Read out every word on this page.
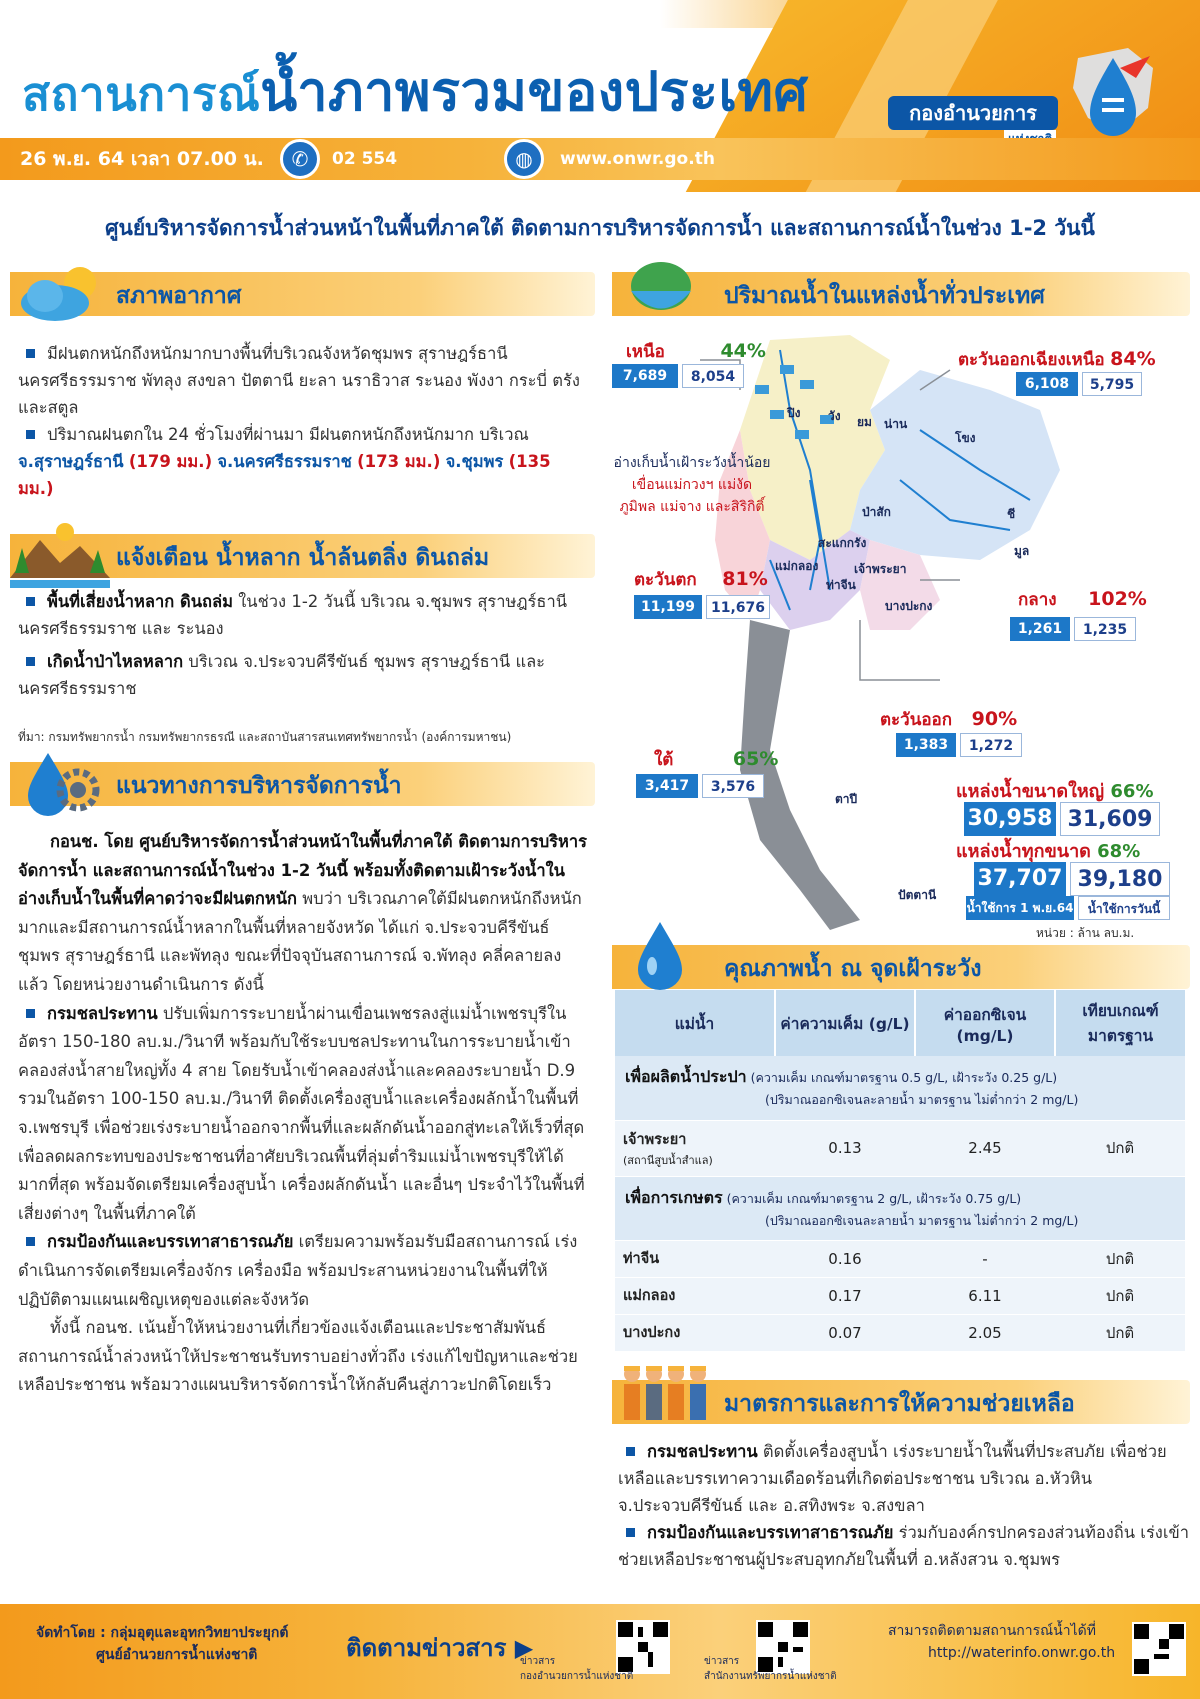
สถานการณ์น้ำภาพรวมของประเทศ	กองอำนวยการ
26 พ.ย. 64 เวลา 07.00 น.	✆	02 554 1800
◍	www.onwr.go.th
ศูนย์บริหารจัดการน้ำส่วนหน้าในพื้นที่ภาคใต้ ติดตามการบริหารจัดการน้ำ และสถานการณ์น้ำในช่วง 1-2 วันนี้
สภาพอากาศ
มีฝนตกหนักถึงหนักมากบางพื้นที่บริเวณจังหวัดชุมพร สุราษฎร์ธานี นครศรีธรรมราช พัทลุง สงขลา ปัตตานี ยะลา นราธิวาส ระนอง พังงา กระบี่ ตรัง และสตูล
ปริมาณฝนตกใน 24 ชั่วโมงที่ผ่านมา มีฝนตกหนักถึงหนักมาก บริเวณ จ.สุราษฎร์ธานี (179 มม.) จ.นครศรีธรรมราช (173 มม.) จ.ชุมพร (135 มม.)
แจ้งเตือน น้ำหลาก น้ำล้นตลิ่ง ดินถล่ม
พื้นที่เสี่ยงน้ำหลาก ดินถล่ม ในช่วง 1-2 วันนี้ บริเวณ จ.ชุมพร สุราษฎร์ธานี นครศรีธรรมราช และ ระนอง
เกิดน้ำป่าไหลหลาก บริเวณ จ.ประจวบคีรีขันธ์ ชุมพร สุราษฎร์ธานี และ นครศรีธรรมราช
ที่มา: กรมทรัพยากรน้ำ กรมทรัพยากรธรณี และสถาบันสารสนเทศทรัพยากรน้ำ (องค์การมหาชน)
แนวทางการบริหารจัดการน้ำ
กอนช. โดย ศูนย์บริหารจัดการน้ำส่วนหน้าในพื้นที่ภาคใต้ ติดตามการบริหารจัดการน้ำ และสถานการณ์น้ำในช่วง 1-2 วันนี้ พร้อมทั้งติดตามเฝ้าระวังน้ำในอ่างเก็บน้ำในพื้นที่คาดว่าจะมีฝนตกหนัก พบว่า บริเวณภาคใต้มีฝนตกหนักถึงหนักมากและมีสถานการณ์น้ำหลากในพื้นที่หลายจังหวัด ได้แก่ จ.ประจวบคีรีขันธ์ ชุมพร สุราษฎร์ธานี และพัทลุง ขณะที่ปัจจุบันสถานการณ์ จ.พัทลุง คลี่คลายลงแล้ว โดยหน่วยงานดำเนินการ ดังนี้
กรมชลประทาน ปรับเพิ่มการระบายน้ำผ่านเขื่อนเพชรลงสู่แม่น้ำเพชรบุรีในอัตรา 150-180 ลบ.ม./วินาที พร้อมกับใช้ระบบชลประทานในการระบายน้ำเข้าคลองส่งน้ำสายใหญ่ทั้ง 4 สาย โดยรับน้ำเข้าคลองส่งน้ำและคลองระบายน้ำ D.9 รวมในอัตรา 100-150 ลบ.ม./วินาที ติดตั้งเครื่องสูบน้ำและเครื่องผลักน้ำในพื้นที่ จ.เพชรบุรี เพื่อช่วยเร่งระบายน้ำออกจากพื้นที่และผลักดันน้ำออกสู่ทะเลให้เร็วที่สุด เพื่อลดผลกระทบของประชาชนที่อาศัยบริเวณพื้นที่ลุ่มต่ำริมแม่น้ำเพชรบุรีให้ได้มากที่สุด พร้อมจัดเตรียมเครื่องสูบน้ำ เครื่องผลักดันน้ำ และอื่นๆ ประจำไว้ในพื้นที่เสี่ยงต่างๆ ในพื้นที่ภาคใต้
กรมป้องกันและบรรเทาสาธารณภัย เตรียมความพร้อมรับมือสถานการณ์ เร่งดำเนินการจัดเตรียมเครื่องจักร เครื่องมือ พร้อมประสานหน่วยงานในพื้นที่ให้ปฏิบัติตามแผนเผชิญเหตุของแต่ละจังหวัด
ทั้งนี้ กอนช. เน้นย้ำให้หน่วยงานที่เกี่ยวข้องแจ้งเตือนและประชาสัมพันธ์สถานการณ์น้ำล่วงหน้าให้ประชาชนรับทราบอย่างทั่วถึง เร่งแก้ไขปัญหาและช่วยเหลือประชาชน พร้อมวางแผนบริหารจัดการน้ำให้กลับคืนสู่ภาวะปกติโดยเร็ว
ปริมาณน้ำในแหล่งน้ำทั่วประเทศ
ปิง วัง ยม น่าน
โขง
ป่าสัก	ชี
มูล
สะแกกรัง
แม่กลอง	เจ้าพระยา
ท่าจีน
บางปะกง
ตาปี
ปัตตานี
อ่างเก็บน้ำเฝ้าระวังน้ำน้อย
เขื่อนแม่กวงฯ แม่งัด
ภูมิพล แม่จาง และสิริกิติ์
เหนือ	44%
7,689	8,054
ตะวันออกเฉียงเหนือ 84%
6,108	5,795
ตะวันตก 81%
11,199	11,676	กลาง 102%
1,261	1,235
ตะวันออก 90%
1,383	1,272
ใต้	65%
3,417	3,576	แหล่งน้ำขนาดใหญ่ 66%
30,958 31,609
แหล่งน้ำทุกขนาด 68%
37,707 39,180
น้ำใช้การ 1 พ.ย.64	น้ำใช้การวันนี้
หน่วย : ล้าน ลบ.ม.
คุณภาพน้ำ ณ จุดเฝ้าระวัง
แม่น้ำ	ค่าความเค็ม (g/L)	ค่าออกซิเจน (mg/L)	เทียบเกณฑ์มาตรฐาน
เพื่อผลิตน้ำประปา (ความเค็ม เกณฑ์มาตรฐาน 0.5 g/L, เฝ้าระวัง 0.25 g/L)
(ปริมาณออกซิเจนละลายน้ำ มาตรฐาน ไม่ต่ำกว่า 2 mg/L)			
เจ้าพระยา
(สถานีสูบน้ำสำแล)	0.13	2.45	ปกติ
เพื่อการเกษตร (ความเค็ม เกณฑ์มาตรฐาน 2 g/L, เฝ้าระวัง 0.75 g/L)
(ปริมาณออกซิเจนละลายน้ำ มาตรฐาน ไม่ต่ำกว่า 2 mg/L)			
ท่าจีน	0.16	-	ปกติ
แม่กลอง	0.17	6.11	ปกติ
บางปะกง	0.07	2.05	ปกติ
มาตรการและการให้ความช่วยเหลือ
กรมชลประทาน ติดตั้งเครื่องสูบน้ำ เร่งระบายน้ำในพื้นที่ประสบภัย เพื่อช่วยเหลือและบรรเทาความเดือดร้อนที่เกิดต่อประชาชน บริเวณ อ.หัวหิน จ.ประจวบคีรีขันธ์ และ อ.สทิงพระ จ.สงขลา
กรมป้องกันและบรรเทาสาธารณภัย ร่วมกับองค์กรปกครองส่วนท้องถิ่น เร่งเข้าช่วยเหลือประชาชนผู้ประสบอุทกภัยในพื้นที่ อ.หลังสวน จ.ชุมพร
จัดทำโดย : กลุ่มอุตุและอุทกวิทยาประยุกต์
ศูนย์อำนวยการน้ำแห่งชาติ	ติดตามข่าวสาร ▶
ข่าวสาร
กองอำนวยการน้ำแห่งชาติ
ข่าวสาร
สำนักงานทรัพยากรน้ำแห่งชาติ
สามารถติดตามสถานการณ์น้ำได้ที่
http://waterinfo.onwr.go.th
